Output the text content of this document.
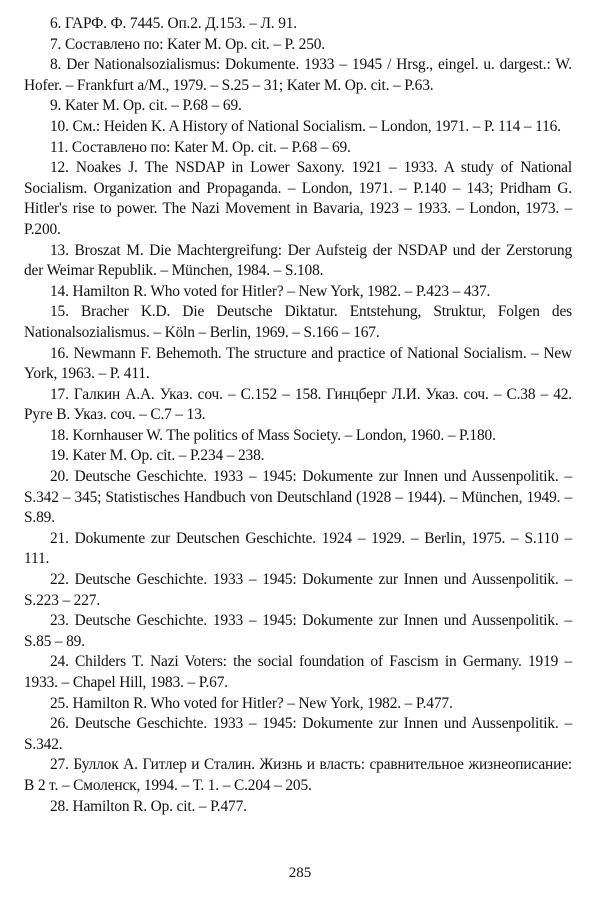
6. ГАРФ. Ф. 7445. Оп.2. Д.153. – Л. 91.

7. Составлено по: Kater M. Op. cit. – P. 250.

8. Der Nationalsozialismus: Dokumente. 1933 – 1945 / Hrsg., eingel. u. dargest.: W. Hofer. – Frankfurt a/M., 1979. – S.25 – 31; Kater M. Op. cit. – P.63.

9. Kater M. Op. cit. – P.68 – 69.

10. См.: Heiden K. A History of National Socialism. – London, 1971. – P. 114 – 116.

11. Составлено по: Kater M. Op. cit. – P.68 – 69.

12. Noakes J. The NSDAP in Lower Saxony. 1921 – 1933. A study of National Socialism. Organization and Propaganda. – London, 1971. – P.140 – 143; Pridham G. Hitler's rise to power. The Nazi Movement in Bavaria, 1923 – 1933. – London, 1973. – P.200.

13. Broszat M. Die Machtergreifung: Der Aufsteig der NSDAP und der Zerstorung der Weimar Republik. – München, 1984. – S.108.

14. Hamilton R. Who voted for Hitler? – New York, 1982. – P.423 – 437.

15. Bracher K.D. Die Deutsche Diktatur. Entstehung, Struktur, Folgen des Nationalsozialismus. – Köln – Berlin, 1969. – S.166 – 167.

16. Newmann F. Behemoth. The structure and practice of National Socialism. – New York, 1963. – P. 411.

17. Галкин А.А. Указ. соч. – С.152 – 158. Гинцберг Л.И. Указ. соч. – С.38 – 42. Руге В. Указ. соч. – С.7 – 13.

18. Kornhauser W. The politics of Mass Society. – London, 1960. – P.180.

19. Kater M. Op. cit. – P.234 – 238.

20. Deutsche Geschichte. 1933 – 1945: Dokumente zur Innen und Aussenpolitik. – S.342 – 345; Statistisches Handbuch von Deutschland (1928 – 1944). – München, 1949. – S.89.

21. Dokumente zur Deutschen Geschichte. 1924 – 1929. – Berlin, 1975. – S.110 – 111.

22. Deutsche Geschichte. 1933 – 1945: Dokumente zur Innen und Aussenpolitik. – S.223 – 227.

23. Deutsche Geschichte. 1933 – 1945: Dokumente zur Innen und Aussenpolitik. – S.85 – 89.

24. Childers T. Nazi Voters: the social foundation of Fascism in Germany. 1919 – 1933. – Chapel Hill, 1983. – P.67.

25. Hamilton R. Who voted for Hitler? – New York, 1982. – P.477.

26. Deutsche Geschichte. 1933 – 1945: Dokumente zur Innen und Aussenpolitik. – S.342.

27. Буллок А. Гитлер и Сталин. Жизнь и власть: сравнительное жизнеописание: В 2 т. – Смоленск, 1994. – Т. 1. – С.204 – 205.

28. Hamilton R. Op. cit. – P.477.

285
